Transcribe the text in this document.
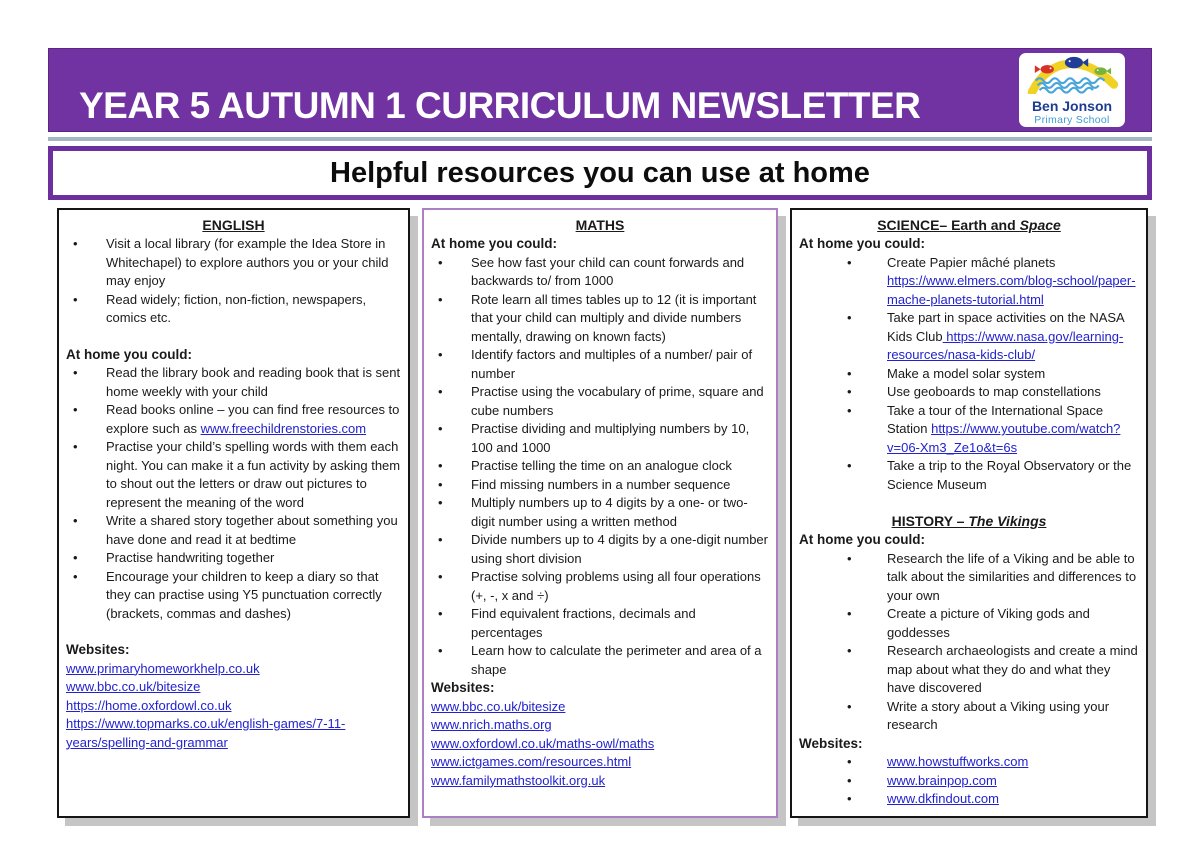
YEAR 5 AUTUMN 1 CURRICULUM NEWSLETTER	Ben Jonson
Primary School
Helpful resources you can use at home
ENGLISH
• Visit a local library (for example the Idea Store in Whitechapel) to explore authors you or your child may enjoy
• Read widely; fiction, non-fiction, newspapers, comics etc.
At home you could:
• Read the library book and reading book that is sent home weekly with your child
• Read books online – you can find free resources to explore such as www.freechildrenstories.com
• Practise your child’s spelling words with them each night. You can make it a fun activity by asking them to shout out the letters or draw out pictures to represent the meaning of the word
• Write a shared story together about something you have done and read it at bedtime
• Practise handwriting together
• Encourage your children to keep a diary so that they can practise using Y5 punctuation correctly (brackets, commas and dashes)
Websites:
www.primaryhomeworkhelp.co.uk
www.bbc.co.uk/bitesize
https://home.oxfordowl.co.uk
https://www.topmarks.co.uk/english-games/7-11-years/spelling-and-grammar
MATHS
At home you could:
• See how fast your child can count forwards and backwards to/ from 1000
• Rote learn all times tables up to 12 (it is important that your child can multiply and divide numbers mentally, drawing on known facts)
• Identify factors and multiples of a number/ pair of number
• Practise using the vocabulary of prime, square and cube numbers
• Practise dividing and multiplying numbers by 10, 100 and 1000
• Practise telling the time on an analogue clock
• Find missing numbers in a number sequence
• Multiply numbers up to 4 digits by a one- or two-digit number using a written method
• Divide numbers up to 4 digits by a one-digit number using short division
• Practise solving problems using all four operations (+, -, x and ÷)
• Find equivalent fractions, decimals and percentages
• Learn how to calculate the perimeter and area of a shape
Websites:
www.bbc.co.uk/bitesize
www.nrich.maths.org
www.oxfordowl.co.uk/maths-owl/maths
www.ictgames.com/resources.html
www.familymathstoolkit.org.uk
SCIENCE– Earth and Space
At home you could:
• Create Papier mâché planets https://www.elmers.com/blog-school/paper-mache-planets-tutorial.html
• Take part in space activities on the NASA Kids Club https://www.nasa.gov/learning-resources/nasa-kids-club/
• Make a model solar system
• Use geoboards to map constellations
• Take a tour of the International Space Station https://www.youtube.com/watch?v=06-Xm3_Ze1o&t=6s
• Take a trip to the Royal Observatory or the Science Museum
HISTORY – The Vikings
At home you could:
• Research the life of a Viking and be able to talk about the similarities and differences to your own
• Create a picture of Viking gods and goddesses
• Research archaeologists and create a mind map about what they do and what they have discovered
• Write a story about a Viking using your research
Websites:
• www.howstuffworks.com
• www.brainpop.com
• www.dkfindout.com
